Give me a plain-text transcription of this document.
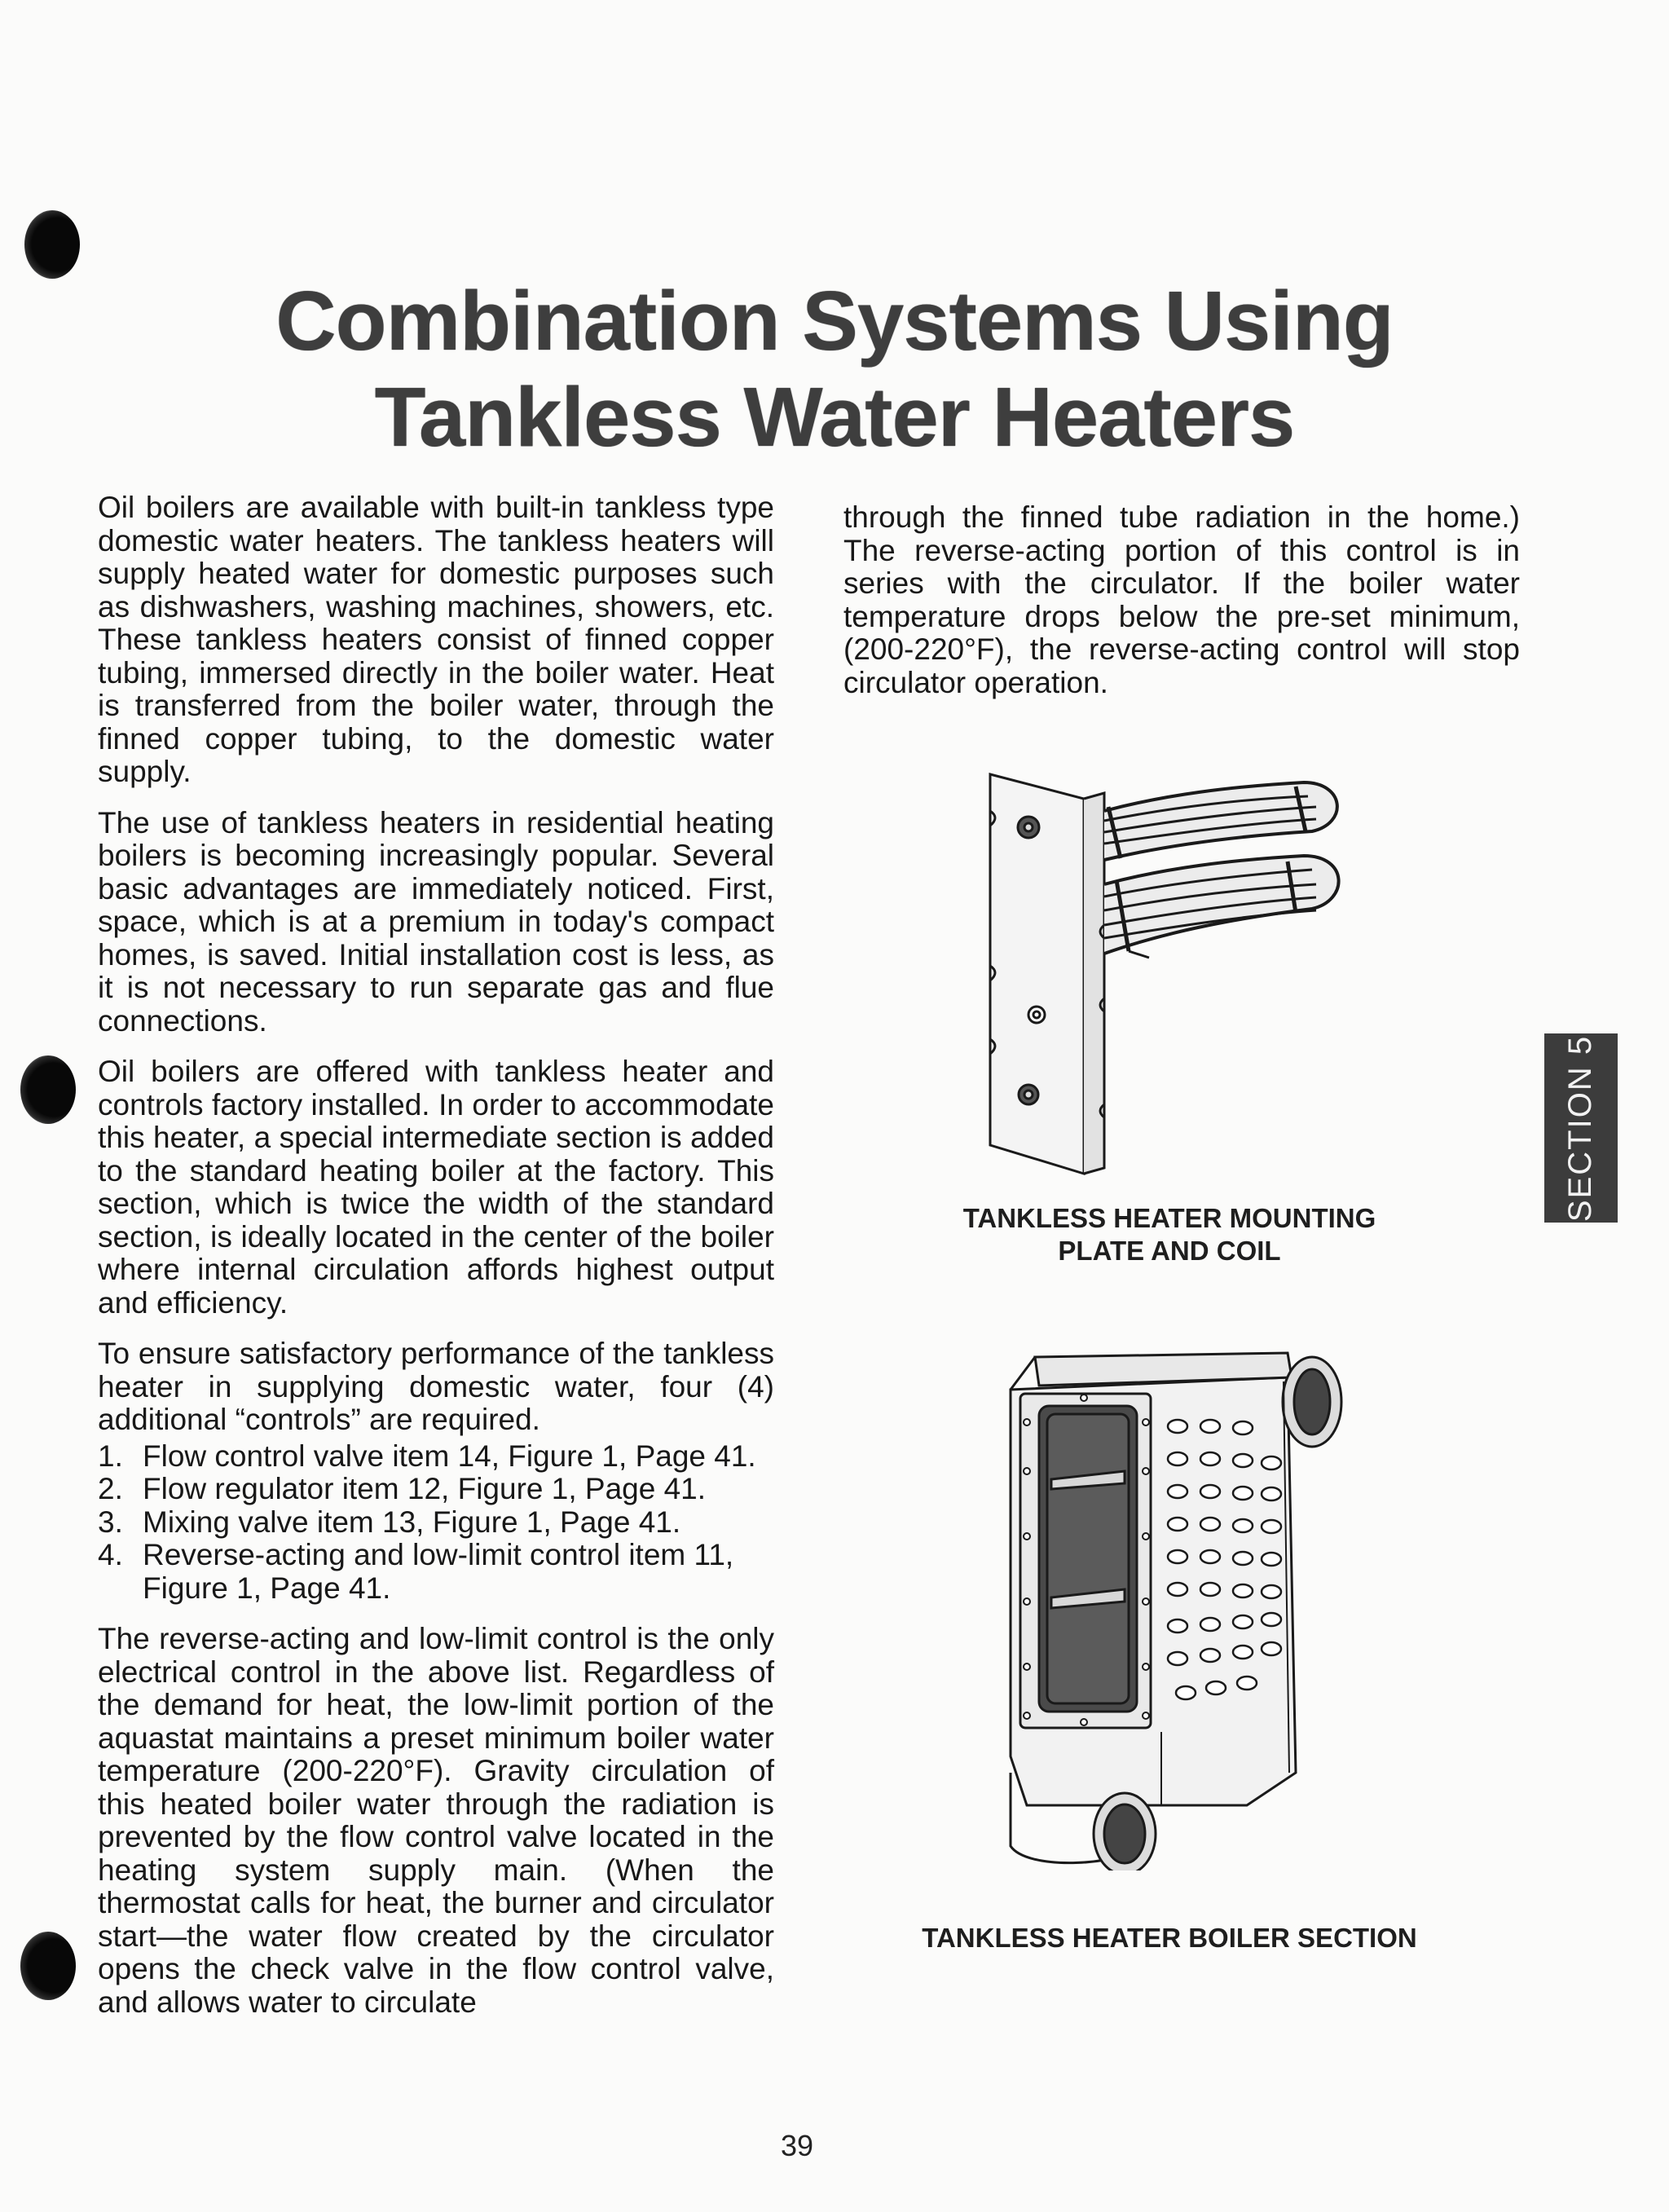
Combination Systems Using
Tankless Water Heaters

Oil boilers are available with built-in tankless type domestic water heaters. The tankless heaters will supply heated water for domestic purposes such as dishwashers, washing machines, showers, etc. These tankless heaters consist of finned copper tubing, immersed directly in the boiler water. Heat is transferred from the boiler water, through the finned copper tubing, to the domestic water supply.

The use of tankless heaters in residential heating boilers is becoming increasingly popular. Several basic advantages are immediately noticed. First, space, which is at a premium in today's compact homes, is saved. Initial installation cost is less, as it is not necessary to run separate gas and flue connections.

Oil boilers are offered with tankless heater and controls factory installed. In order to accommodate this heater, a special intermediate section is added to the standard heating boiler at the factory. This section, which is twice the width of the standard section, is ideally located in the center of the boiler where internal circulation affords highest output and efficiency.

To ensure satisfactory performance of the tankless heater in supplying domestic water, four (4) additional “controls” are required.

1. Flow control valve item 14, Figure 1, Page 41.
2. Flow regulator item 12, Figure 1, Page 41.
3. Mixing valve item 13, Figure 1, Page 41.
4. Reverse-acting and low-limit control item 11, Figure 1, Page 41.

The reverse-acting and low-limit control is the only electrical control in the above list. Regardless of the demand for heat, the low-limit portion of the aquastat maintains a preset minimum boiler water temperature (200-220°F). Gravity circulation of this heated boiler water through the radiation is prevented by the flow control valve located in the heating system supply main. (When the thermostat calls for heat, the burner and circulator start—the water flow created by the circulator opens the check valve in the flow control valve, and allows water to circulate

through the finned tube radiation in the home.) The reverse-acting portion of this control is in series with the circulator. If the boiler water temperature drops below the pre-set minimum, (200-220°F), the reverse-acting control will stop circulator operation.

TANKLESS HEATER MOUNTING
PLATE AND COIL
TANKLESS HEATER BOILER SECTION
SECTION 5
39
